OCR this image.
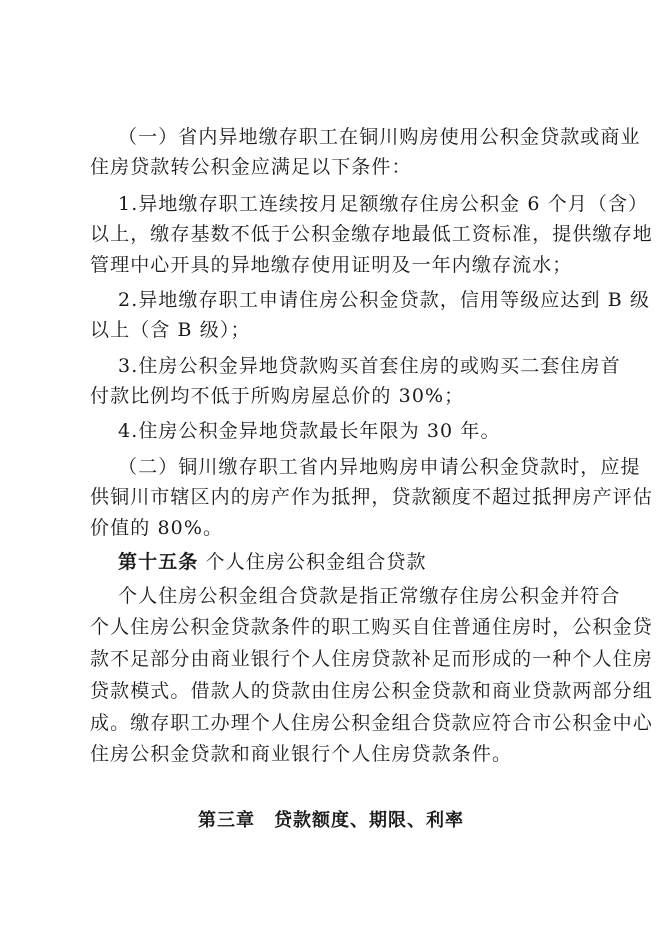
（一）省内异地缴存职工在铜川购房使用公积金贷款或商业
住房贷款转公积金应满足以下条件：
1.异地缴存职工连续按月足额缴存住房公积金 6 个月（含）
以上，缴存基数不低于公积金缴存地最低工资标准，提供缴存地
管理中心开具的异地缴存使用证明及一年内缴存流水；
2.异地缴存职工申请住房公积金贷款，信用等级应达到 B 级
以上（含 B 级）；
3.住房公积金异地贷款购买首套住房的或购买二套住房首
付款比例均不低于所购房屋总价的 30%；
4.住房公积金异地贷款最长年限为 30 年。
（二）铜川缴存职工省内异地购房申请公积金贷款时，应提
供铜川市辖区内的房产作为抵押，贷款额度不超过抵押房产评估
价值的 80%。
第十五条 个人住房公积金组合贷款
个人住房公积金组合贷款是指正常缴存住房公积金并符合
个人住房公积金贷款条件的职工购买自住普通住房时，公积金贷
款不足部分由商业银行个人住房贷款补足而形成的一种个人住房
贷款模式。借款人的贷款由住房公积金贷款和商业贷款两部分组
成。缴存职工办理个人住房公积金组合贷款应符合市公积金中心
住房公积金贷款和商业银行个人住房贷款条件。
第三章　贷款额度、期限、利率
